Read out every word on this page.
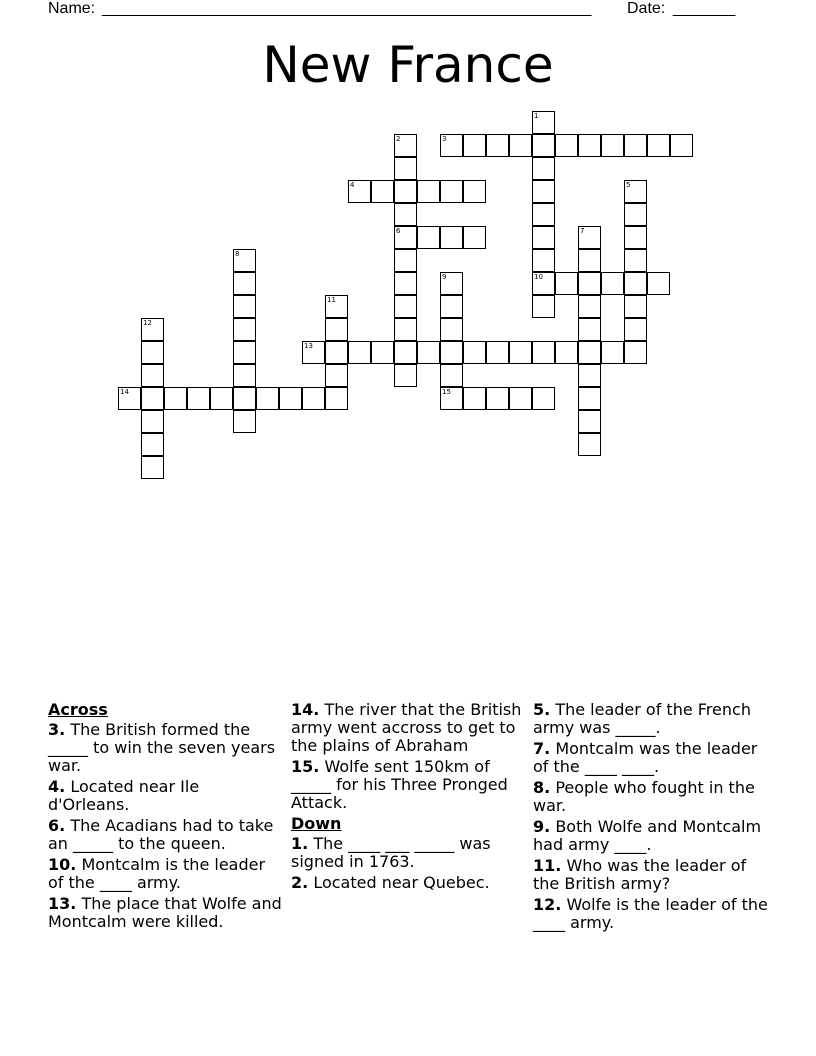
Name: _______________________________________________________ Date: _______
New France
1
10
2
6
3
4	5
7
8
9
15
11
12
13
14
Across
3. The British formed the _____ to win the seven years war.
4. Located near Ile d'Orleans.
6. The Acadians had to take an _____ to the queen.
10. Montcalm is the leader of the ____ army.
13. The place that Wolfe and Montcalm were killed.
14. The river that the British army went accross to get to the plains of Abraham
15. Wolfe sent 150km of _____ for his Three Pronged Attack.
Down
1. The ____ ___ _____ was signed in 1763.
2. Located near Quebec.
5. The leader of the French army was _____.
7. Montcalm was the leader of the ____ ____.
8. People who fought in the war.
9. Both Wolfe and Montcalm had army ____.
11. Who was the leader of the British army?
12. Wolfe is the leader of the ____ army.
